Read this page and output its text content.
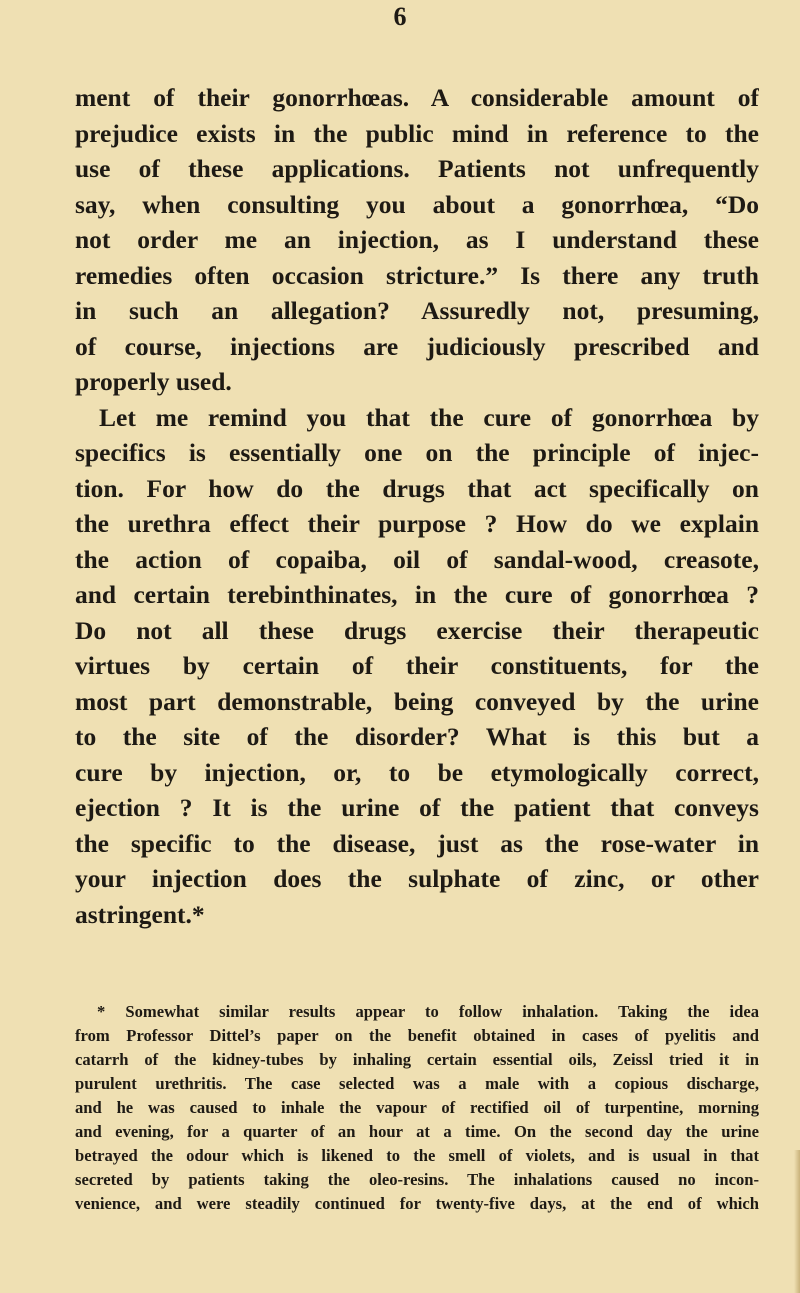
6
ment of their gonorrhœas. A considerable amount of
prejudice exists in the public mind in reference to the
use of these applications. Patients not unfrequently
say, when consulting you about a gonorrhœa, “Do
not order me an injection, as I understand these
remedies often occasion stricture.” Is there any truth
in such an allegation? Assuredly not, presuming,
of course, injections are judiciously prescribed and
properly used.
Let me remind you that the cure of gonorrhœa by
specifics is essentially one on the principle of injec-
tion. For how do the drugs that act specifically on
the urethra effect their purpose ? How do we explain
the action of copaiba, oil of sandal-wood, creasote,
and certain terebinthinates, in the cure of gonorrhœa ?
Do not all these drugs exercise their therapeutic
virtues by certain of their constituents, for the
most part demonstrable, being conveyed by the urine
to the site of the disorder? What is this but a
cure by injection, or, to be etymologically correct,
ejection ? It is the urine of the patient that conveys
the specific to the disease, just as the rose-water in
your injection does the sulphate of zinc, or other
astringent.*
* Somewhat similar results appear to follow inhalation. Taking the idea
from Professor Dittel’s paper on the benefit obtained in cases of pyelitis and
catarrh of the kidney-tubes by inhaling certain essential oils, Zeissl tried it in
purulent urethritis. The case selected was a male with a copious discharge,
and he was caused to inhale the vapour of rectified oil of turpentine, morning
and evening, for a quarter of an hour at a time. On the second day the urine
betrayed the odour which is likened to the smell of violets, and is usual in that
secreted by patients taking the oleo-resins. The inhalations caused no incon-
venience, and were steadily continued for twenty-five days, at the end of which
